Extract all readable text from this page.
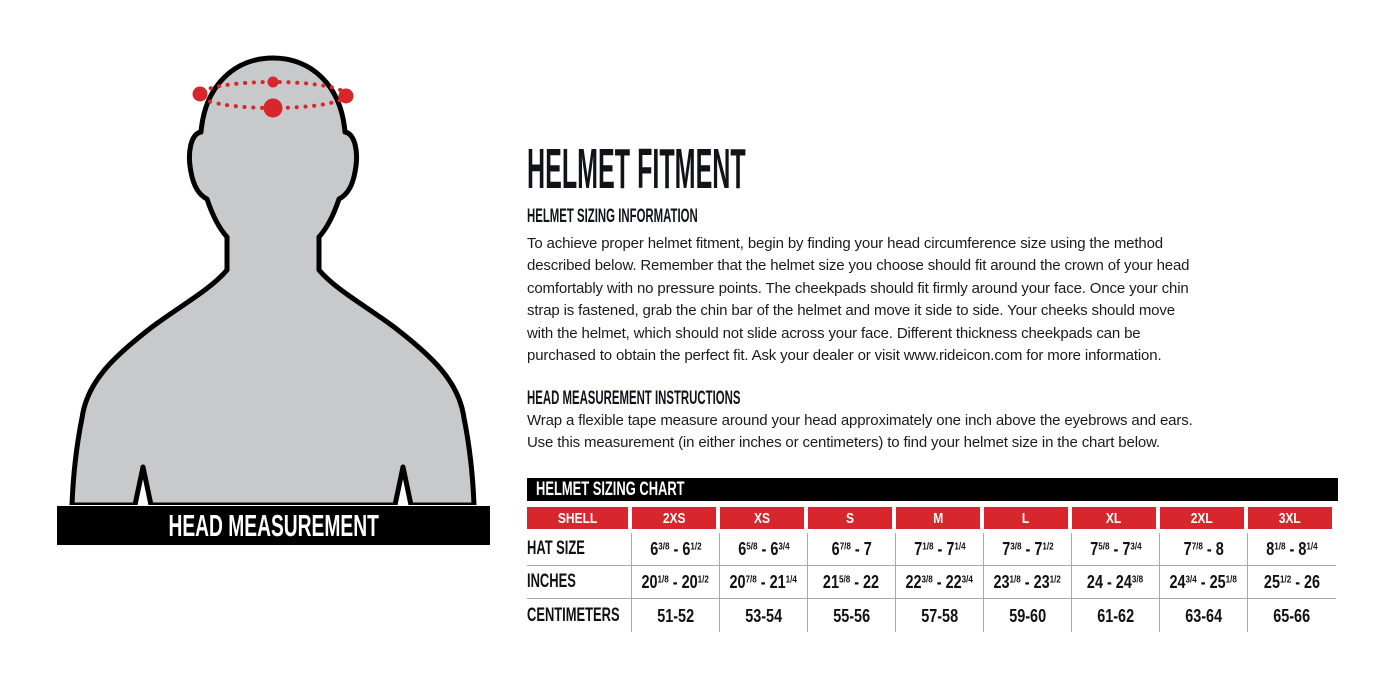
HEAD MEASUREMENT
HELMET FITMENT
HELMET SIZING INFORMATION

To achieve proper helmet fitment, begin by finding your head circumference size using the method described below. Remember that the helmet size you choose should fit around the crown of your head comfortably with no pressure points. The cheekpads should fit firmly around your face. Once your chin strap is fastened, grab the chin bar of the helmet and move it side to side. Your cheeks should move with the helmet, which should not slide across your face. Different thickness cheekpads can be purchased to obtain the perfect fit. Ask your dealer or visit www.rideicon.com for more information.

HEAD MEASUREMENT INSTRUCTIONS

Wrap a flexible tape measure around your head approximately one inch above the eyebrows and ears. Use this measurement (in either inches or centimeters) to find your helmet size in the chart below.

HELMET SIZING CHART
SHELL	2XS	XS	S	M	L	XL	2XL	3XL
HAT SIZE	$6^{3/8} - 6^{1/2}$ $6^{5/8} - 6^{3/4}$ $6^{7/8} - 7$ $7^{1/8} - 7^{1/4}$ $7^{3/8} - 7^{1/2}$ $7^{5/8} - 7^{3/4}$ $7^{7/8} - 8$ $8^{1/8} - 8^{1/4}$
INCHES	$20^{1/8} - 20^{1/2}$ $20^{7/8} - 21^{1/4}$ $21^{5/8} - 22$ $22^{3/8} - 22^{3/4}$ $23^{1/8} - 23^{1/2}$ $24 - 24^{3/8}$ $24^{3/4} - 25^{1/8}$ $25^{1/2} - 26$
CENTIMETERS 51-52	53-54	55-56	57-58	59-60	61-62	63-64	65-66
